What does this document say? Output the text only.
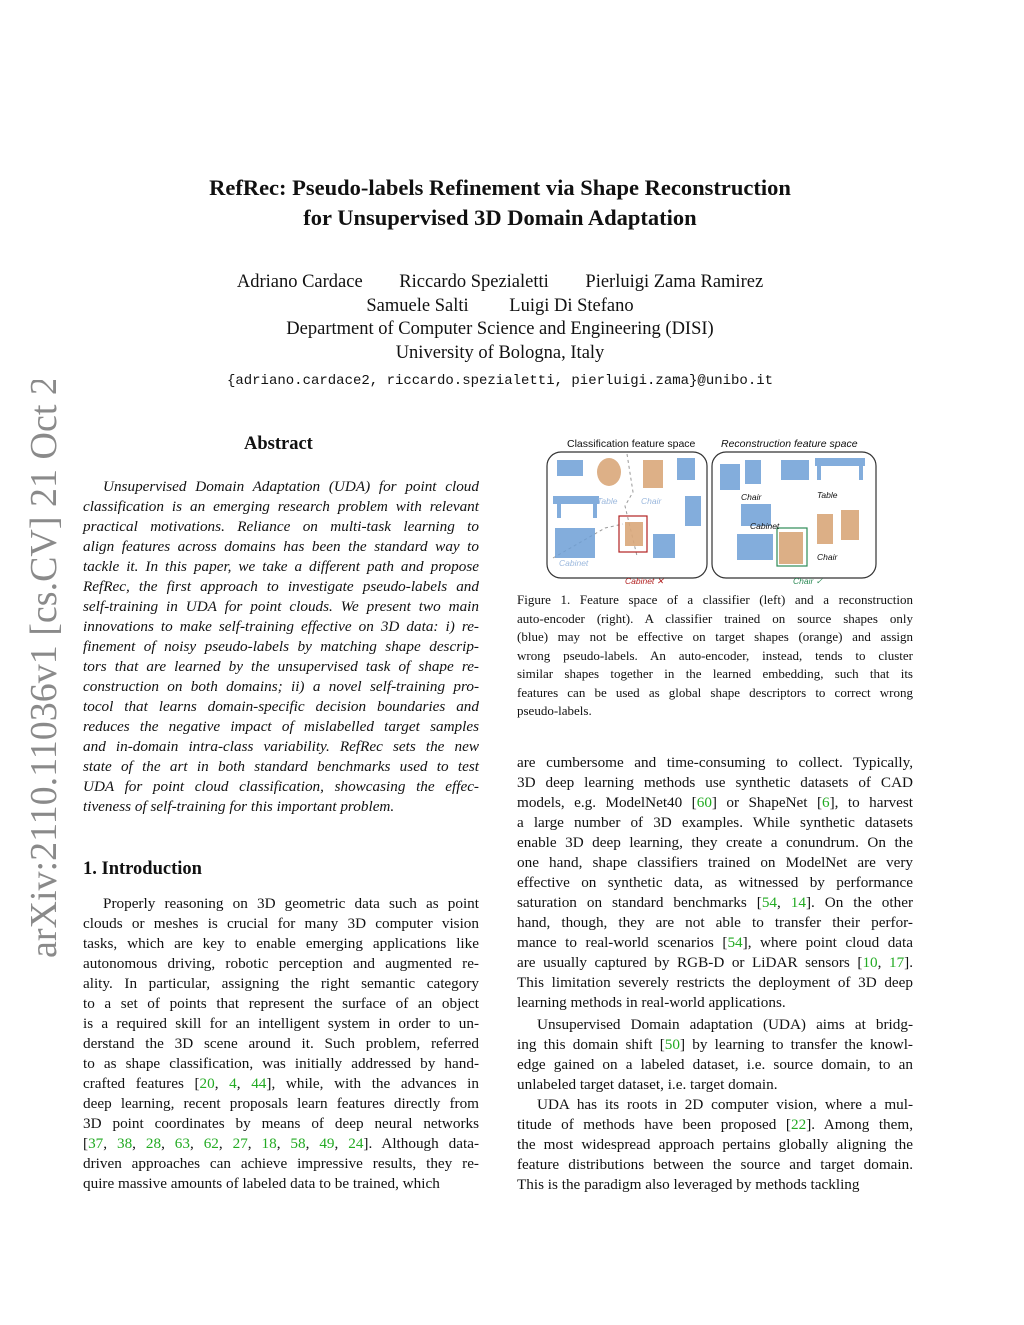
arXiv:2110.11036v1 [cs.CV] 21 Oct 2021
RefRec: Pseudo-labels Refinement via Shape Reconstruction
for Unsupervised 3D Domain Adaptation
Adriano Cardace Riccardo Spezialetti Pierluigi Zama Ramirez
Samuele Salti Luigi Di Stefano
Department of Computer Science and Engineering (DISI)
University of Bologna, Italy
{adriano.cardace2, riccardo.spezialetti, pierluigi.zama}@unibo.it
Abstract
Unsupervised Domain Adaptation (UDA) for point cloud
classification is an emerging research problem with relevant
practical motivations. Reliance on multi-task learning to
align features across domains has been the standard way to
tackle it. In this paper, we take a different path and propose
RefRec, the first approach to investigate pseudo-labels and
self-training in UDA for point clouds. We present two main
innovations to make self-training effective on 3D data: i) re-
finement of noisy pseudo-labels by matching shape descrip-
tors that are learned by the unsupervised task of shape re-
construction on both domains; ii) a novel self-training pro-
tocol that learns domain-specific decision boundaries and
reduces the negative impact of mislabelled target samples
and in-domain intra-class variability. RefRec sets the new
state of the art in both standard benchmarks used to test
UDA for point cloud classification, showcasing the effec-
tiveness of self-training for this important problem.
1. Introduction
Properly reasoning on 3D geometric data such as point
clouds or meshes is crucial for many 3D computer vision
tasks, which are key to enable emerging applications like
autonomous driving, robotic perception and augmented re-
ality. In particular, assigning the right semantic category
to a set of points that represent the surface of an object
is a required skill for an intelligent system in order to un-
derstand the 3D scene around it. Such problem, referred
to as shape classification, was initially addressed by hand-
crafted features [20, 4, 44], while, with the advances in
deep learning, recent proposals learn features directly from
3D point coordinates by means of deep neural networks
[37, 38, 28, 63, 62, 27, 18, 58, 49, 24]. Although data-
driven approaches can achieve impressive results, they re-
quire massive amounts of labeled data to be trained, which
Classification feature space Reconstruction feature space
Table	Chair
Cabinet
Chair	Table
Cabinet
Chair
Cabinet ✕	Chair ✓
Figure 1. Feature space of a classifier (left) and a reconstruction
auto-encoder (right). A classifier trained on source shapes only
(blue) may not be effective on target shapes (orange) and assign
wrong pseudo-labels. An auto-encoder, instead, tends to cluster
similar shapes together in the learned embedding, such that its
features can be used as global shape descriptors to correct wrong
pseudo-labels.
are cumbersome and time-consuming to collect. Typically,
3D deep learning methods use synthetic datasets of CAD
models, e.g. ModelNet40 [60] or ShapeNet [6], to harvest
a large number of 3D examples. While synthetic datasets
enable 3D deep learning, they create a conundrum. On the
one hand, shape classifiers trained on ModelNet are very
effective on synthetic data, as witnessed by performance
saturation on standard benchmarks [54, 14]. On the other
hand, though, they are not able to transfer their perfor-
mance to real-world scenarios [54], where point cloud data
are usually captured by RGB-D or LiDAR sensors [10, 17].
This limitation severely restricts the deployment of 3D deep
learning methods in real-world applications.
Unsupervised Domain adaptation (UDA) aims at bridg-
ing this domain shift [50] by learning to transfer the knowl-
edge gained on a labeled dataset, i.e. source domain, to an
unlabeled target dataset, i.e. target domain.
UDA has its roots in 2D computer vision, where a mul-
titude of methods have been proposed [22]. Among them,
the most widespread approach pertains globally aligning the
feature distributions between the source and target domain.
This is the paradigm also leveraged by methods tackling
